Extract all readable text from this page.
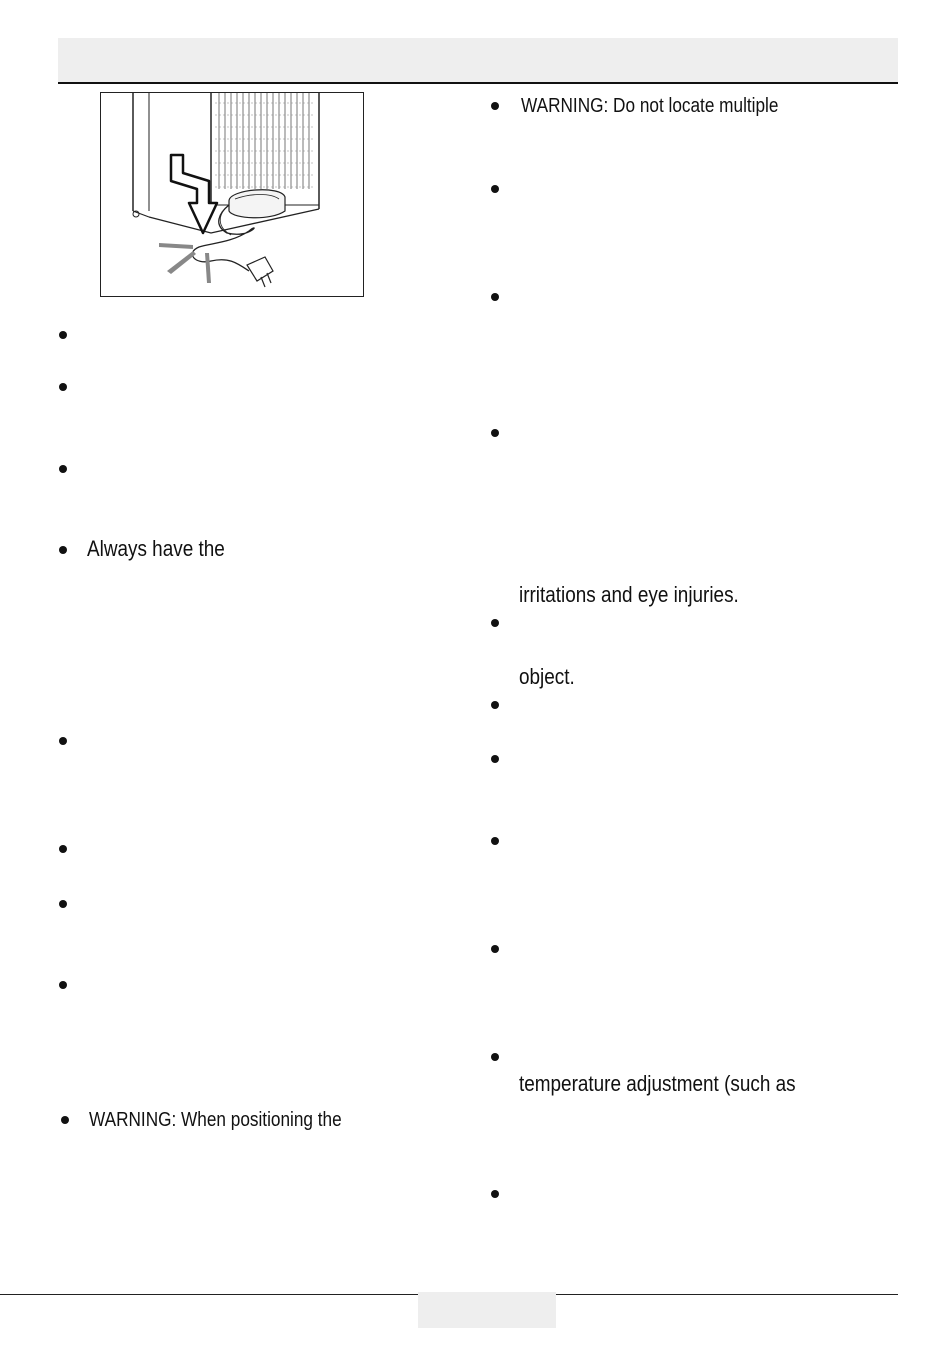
Always have the
WARNING: When positioning the
WARNING: Do not locate multiple
irritations and eye injuries.
object.
temperature adjustment (such as
